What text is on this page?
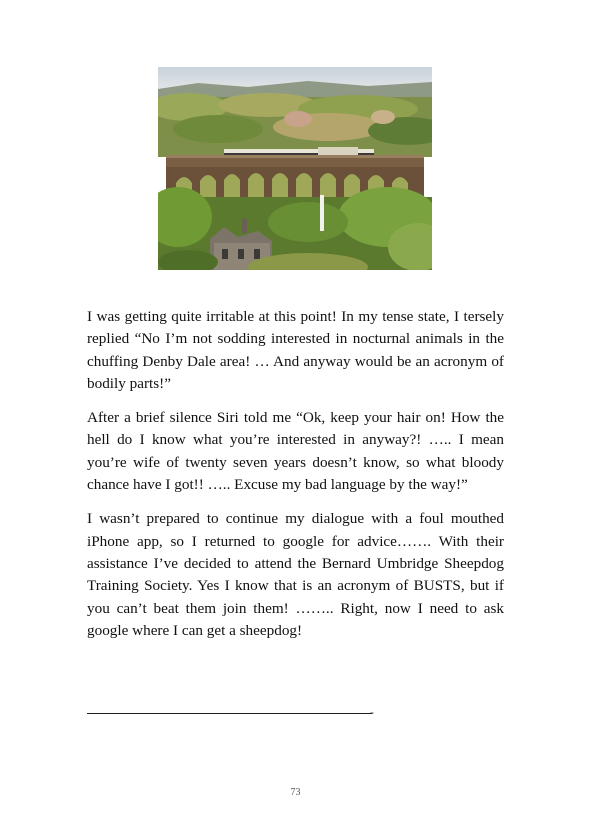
I was getting quite irritable at this point! In my tense state, I tersely replied “No I’m not sodding interested in nocturnal animals in the chuffing Denby Dale area! … And anyway would be an acronym of bodily parts!”

After a brief silence Siri told me “Ok, keep your hair on! How the hell do I know what you’re interested in anyway?! ….. I mean you’re wife of twenty seven years doesn’t know, so what bloody chance have I got!! ….. Excuse my bad language by the way!”

I wasn’t prepared to continue my dialogue with a foul mouthed iPhone app, so I returned to google for advice……. With their assistance I’ve decided to attend the Bernard Umbridge Sheepdog Training Society. Yes I know that is an acronym of BUSTS, but if you can’t beat them join them! …….. Right, now I need to ask google where I can get a sheepdog!

-
73
